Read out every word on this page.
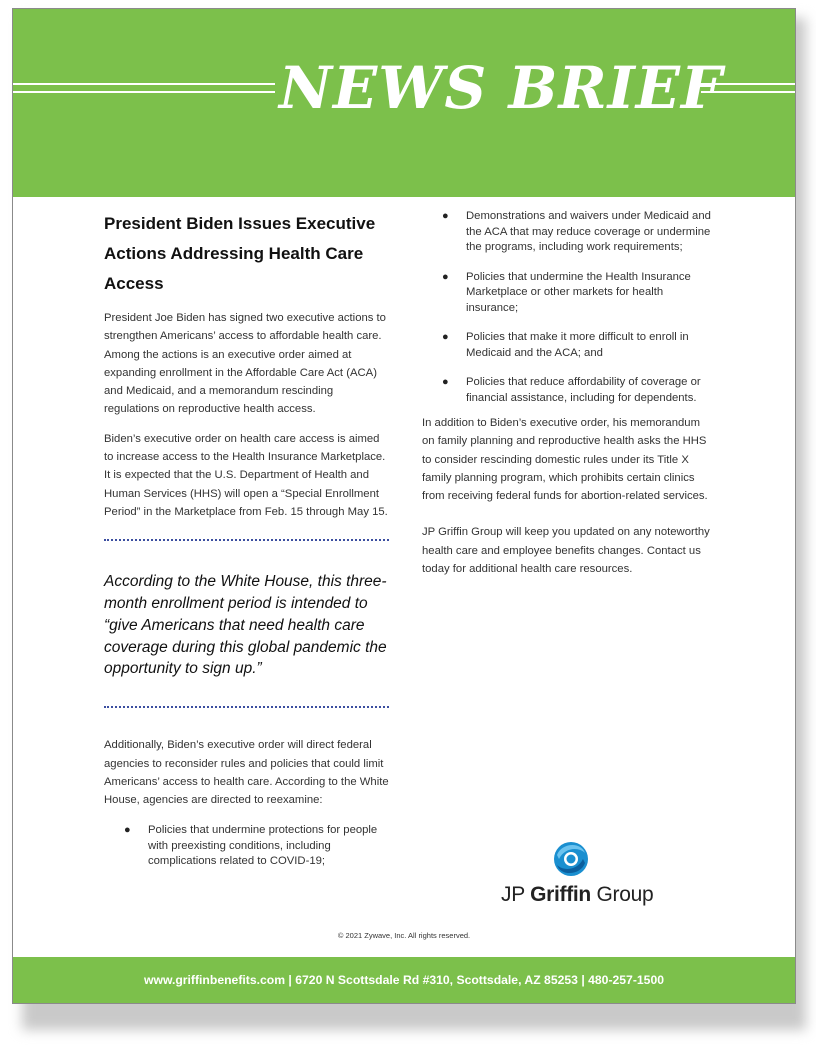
NEWS BRIEF
President Biden Issues Executive Actions Addressing Health Care Access

President Joe Biden has signed two executive actions to strengthen Americans’ access to affordable health care. Among the actions is an executive order aimed at expanding enrollment in the Affordable Care Act (ACA) and Medicaid, and a memorandum rescinding regulations on reproductive health access.

Biden’s executive order on health care access is aimed to increase access to the Health Insurance Marketplace. It is expected that the U.S. Department of Health and Human Services (HHS) will open a “Special Enrollment Period” in the Marketplace from Feb. 15 through May 15.

According to the White House, this three-month enrollment period is intended to “give Americans that need health care coverage during this global pandemic the opportunity to sign up.”

Additionally, Biden’s executive order will direct federal agencies to reconsider rules and policies that could limit Americans’ access to health care. According to the White House, agencies are directed to reexamine:

● Policies that undermine protections for people with preexisting conditions, including complications related to COVID-19;
● Demonstrations and waivers under Medicaid and the ACA that may reduce coverage or undermine the programs, including work requirements;
● Policies that undermine the Health Insurance Marketplace or other markets for health insurance;
● Policies that make it more difficult to enroll in Medicaid and the ACA; and
● Policies that reduce affordability of coverage or financial assistance, including for dependents.

In addition to Biden’s executive order, his memorandum on family planning and reproductive health asks the HHS to consider rescinding domestic rules under its Title X family planning program, which prohibits certain clinics from receiving federal funds for abortion-related services.

JP Griffin Group will keep you updated on any noteworthy health care and employee benefits changes. Contact us today for additional health care resources.

JP Griffin Group
© 2021 Zywave, Inc. All rights reserved.
www.griffinbenefits.com | 6720 N Scottsdale Rd #310, Scottsdale, AZ 85253 | 480-257-1500
